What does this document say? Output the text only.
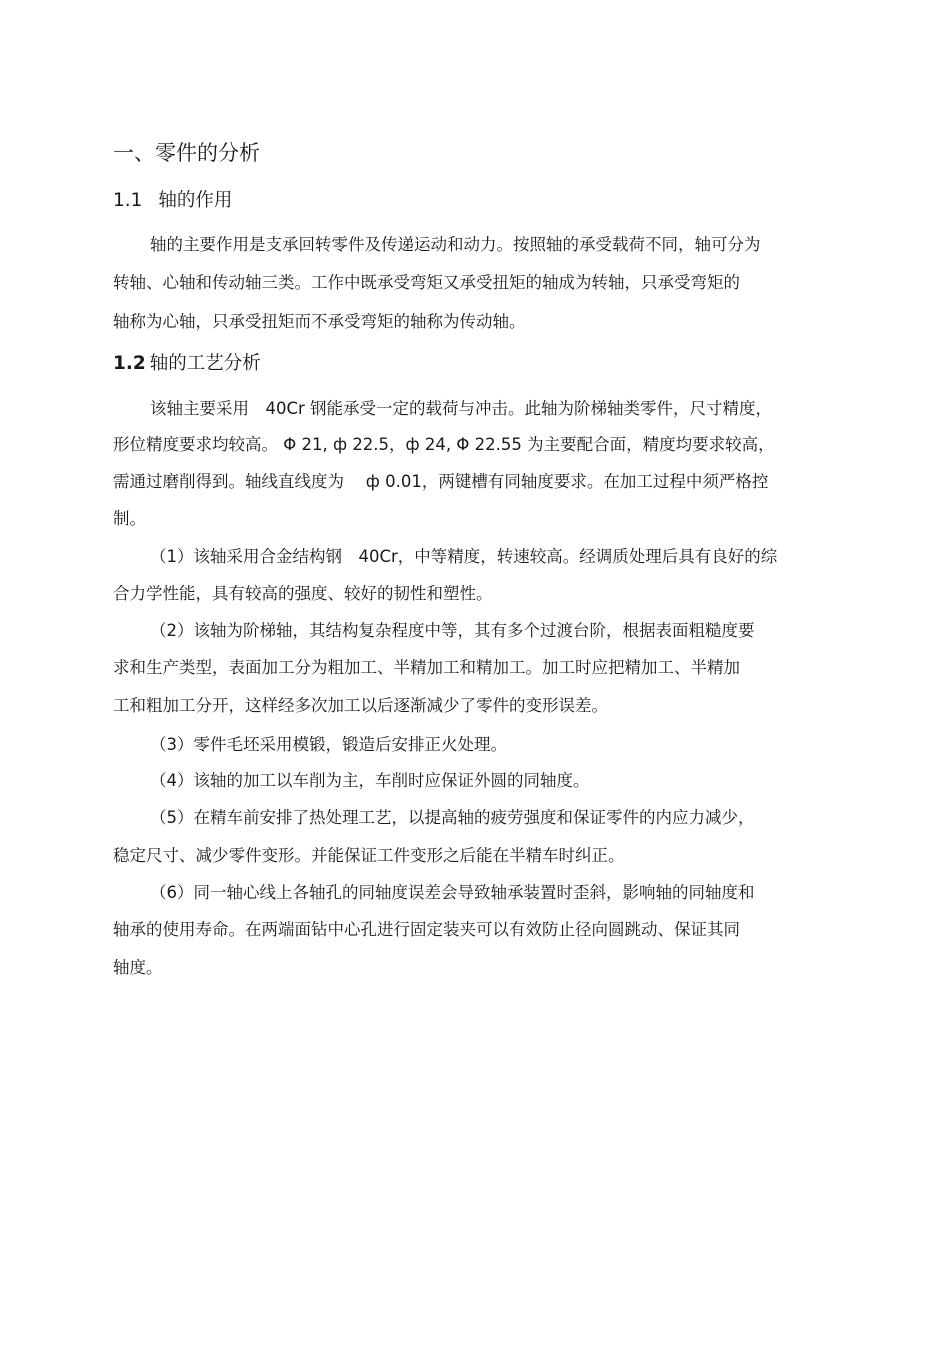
一、零件的分析
1.1 轴的作用
轴的主要作用是支承回转零件及传递运动和动力。按照轴的承受载荷不同，轴可分为
转轴、心轴和传动轴三类。工作中既承受弯矩又承受扭矩的轴成为转轴，只承受弯矩的
轴称为心轴，只承受扭矩而不承受弯矩的轴称为传动轴。
1.2 轴的工艺分析
该轴主要采用　40Cr 钢能承受一定的载荷与冲击。此轴为阶梯轴类零件，尺寸精度，
形位精度要求均较高。 Φ 21, ф 22.5，ф 24, Φ 22.55 为主要配合面，精度均要求较高，
需通过磨削得到。轴线直线度为　 ф 0.01，两键槽有同轴度要求。在加工过程中须严格控
制。
（1）该轴采用合金结构钢　40Cr，中等精度，转速较高。经调质处理后具有良好的综
合力学性能，具有较高的强度、较好的韧性和塑性。
（2）该轴为阶梯轴，其结构复杂程度中等，其有多个过渡台阶，根据表面粗糙度要
求和生产类型，表面加工分为粗加工、半精加工和精加工。加工时应把精加工、半精加
工和粗加工分开，这样经多次加工以后逐渐减少了零件的变形误差。
（3）零件毛坯采用模锻，锻造后安排正火处理。
（4）该轴的加工以车削为主，车削时应保证外圆的同轴度。
（5）在精车前安排了热处理工艺，以提高轴的疲劳强度和保证零件的内应力减少，
稳定尺寸、减少零件变形。并能保证工件变形之后能在半精车时纠正。
（6）同一轴心线上各轴孔的同轴度误差会导致轴承装置时歪斜，影响轴的同轴度和
轴承的使用寿命。在两端面钻中心孔进行固定装夹可以有效防止径向圆跳动、保证其同
轴度。
